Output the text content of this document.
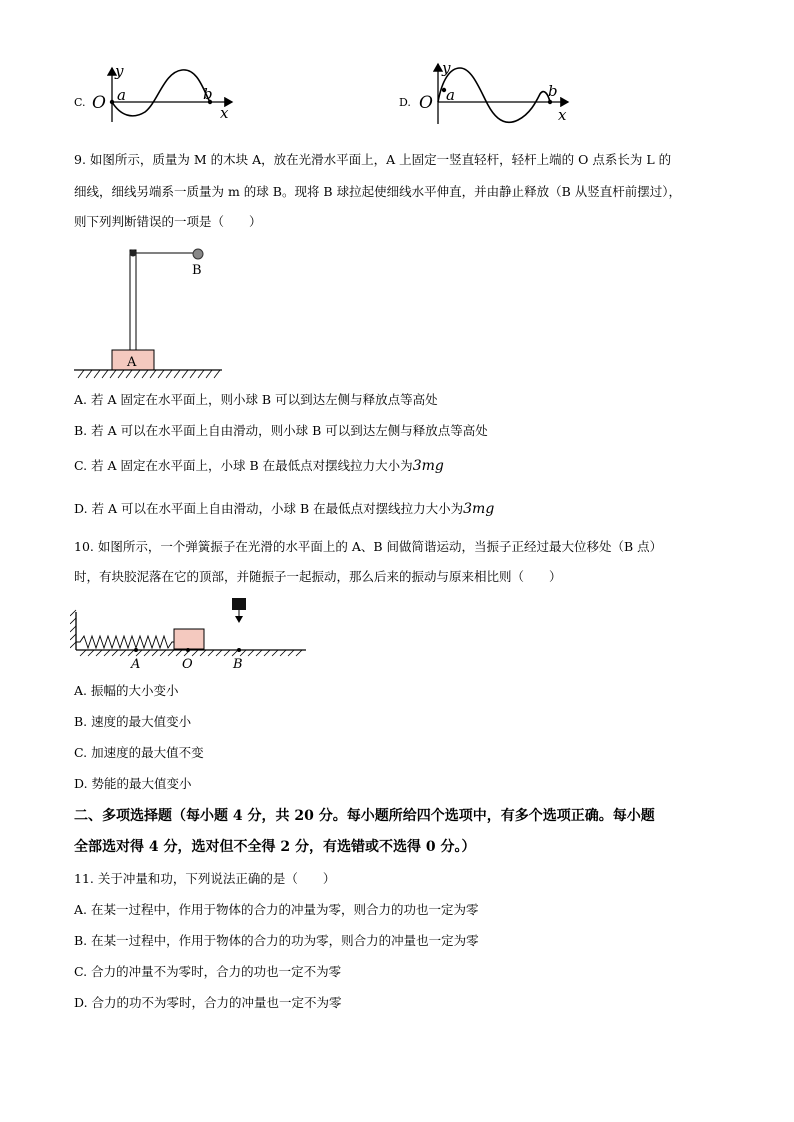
C. O
y
a	b
x
D. O
y
a	b
x
9. 如图所示，质量为 M 的木块 A，放在光滑水平面上，A 上固定一竖直轻杆，轻杆上端的 O 点系长为 L 的
细线，细线另端系一质量为 m 的球 B。现将 B 球拉起使细线水平伸直，并由静止释放（B 从竖直杆前摆过），
则下列判断错误的一项是（　　）
B
A
A. 若 A 固定在水平面上，则小球 B 可以到达左侧与释放点等高处
B. 若 A 可以在水平面上自由滑动，则小球 B 可以到达左侧与释放点等高处
C. 若 A 固定在水平面上，小球 B 在最低点对摆线拉力大小为3mg
D. 若 A 可以在水平面上自由滑动，小球 B 在最低点对摆线拉力大小为3mg
10. 如图所示，一个弹簧振子在光滑的水平面上的 A、B 间做简谐运动，当振子正经过最大位移处（B 点）
时，有块胶泥落在它的顶部，并随振子一起振动，那么后来的振动与原来相比则（　　）
A	O	B
A. 振幅的大小变小
B. 速度的最大值变小
C. 加速度的最大值不变
D. 势能的最大值变小
二、多项选择题（每小题 4 分，共 20 分。每小题所给四个选项中，有多个选项正确。每小题
全部选对得 4 分，选对但不全得 2 分，有选错或不选得 0 分。）
11. 关于冲量和功，下列说法正确的是（　　）
A. 在某一过程中，作用于物体的合力的冲量为零，则合力的功也一定为零
B. 在某一过程中，作用于物体的合力的功为零，则合力的冲量也一定为零
C. 合力的冲量不为零时，合力的功也一定不为零
D. 合力的功不为零时，合力的冲量也一定不为零
